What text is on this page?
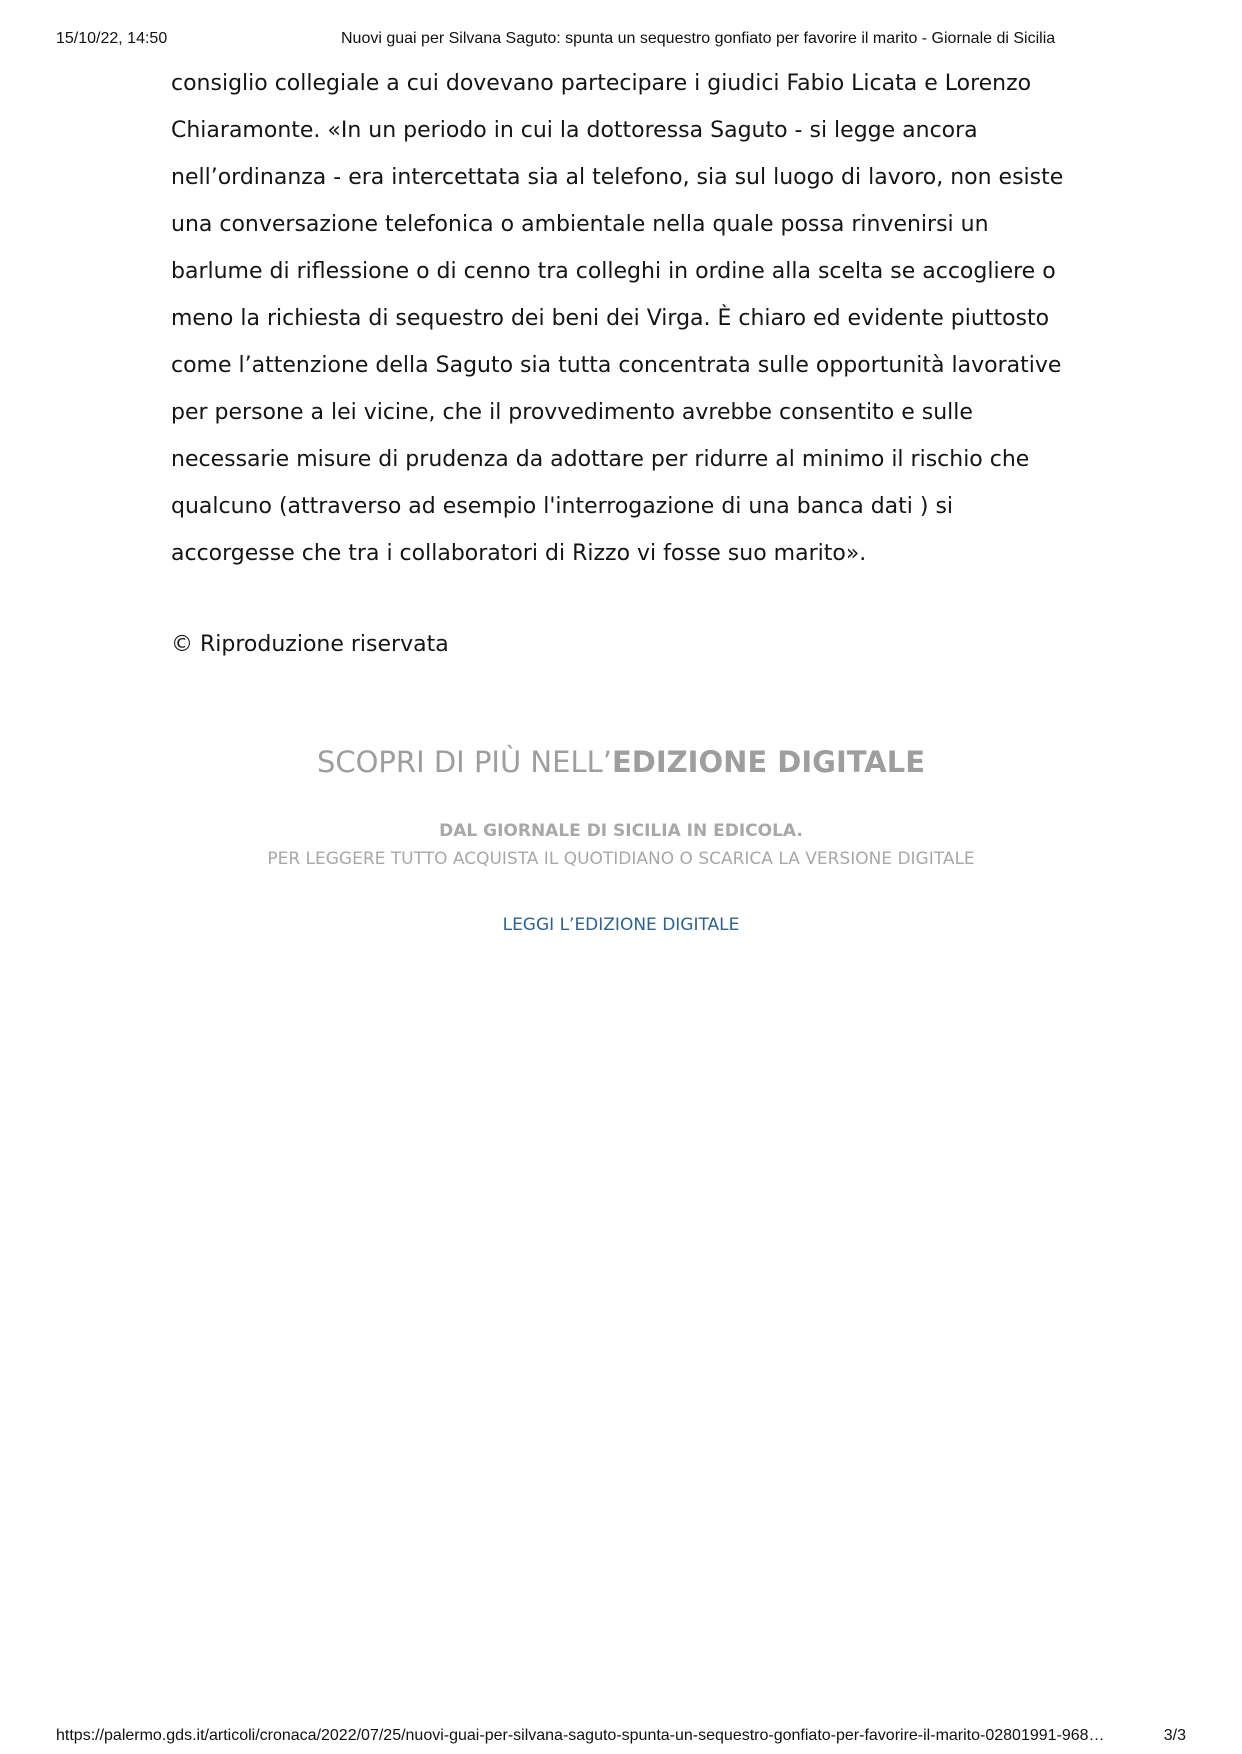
15/10/22, 14:50	Nuovi guai per Silvana Saguto: spunta un sequestro gonfiato per favorire il marito - Giornale di Sicilia

consiglio collegiale a cui dovevano partecipare i giudici Fabio Licata e Lorenzo
Chiaramonte. «In un periodo in cui la dottoressa Saguto - si legge ancora
nell’ordinanza - era intercettata sia al telefono, sia sul luogo di lavoro, non esiste
una conversazione telefonica o ambientale nella quale possa rinvenirsi un
barlume di riflessione o di cenno tra colleghi in ordine alla scelta se accogliere o
meno la richiesta di sequestro dei beni dei Virga. È chiaro ed evidente piuttosto
come l’attenzione della Saguto sia tutta concentrata sulle opportunità lavorative
per persone a lei vicine, che il provvedimento avrebbe consentito e sulle
necessarie misure di prudenza da adottare per ridurre al minimo il rischio che
qualcuno (attraverso ad esempio l'interrogazione di una banca dati ) si
accorgesse che tra i collaboratori di Rizzo vi fosse suo marito».

© Riproduzione riservata

SCOPRI DI PIÙ NELL’EDIZIONE DIGITALE
DAL GIORNALE DI SICILIA IN EDICOLA.
PER LEGGERE TUTTO ACQUISTA IL QUOTIDIANO O SCARICA LA VERSIONE DIGITALE
LEGGI L’EDIZIONE DIGITALE
https://palermo.gds.it/articoli/cronaca/2022/07/25/nuovi-guai-per-silvana-saguto-spunta-un-sequestro-gonfiato-per-favorire-il-marito-02801991-968…	3/3
